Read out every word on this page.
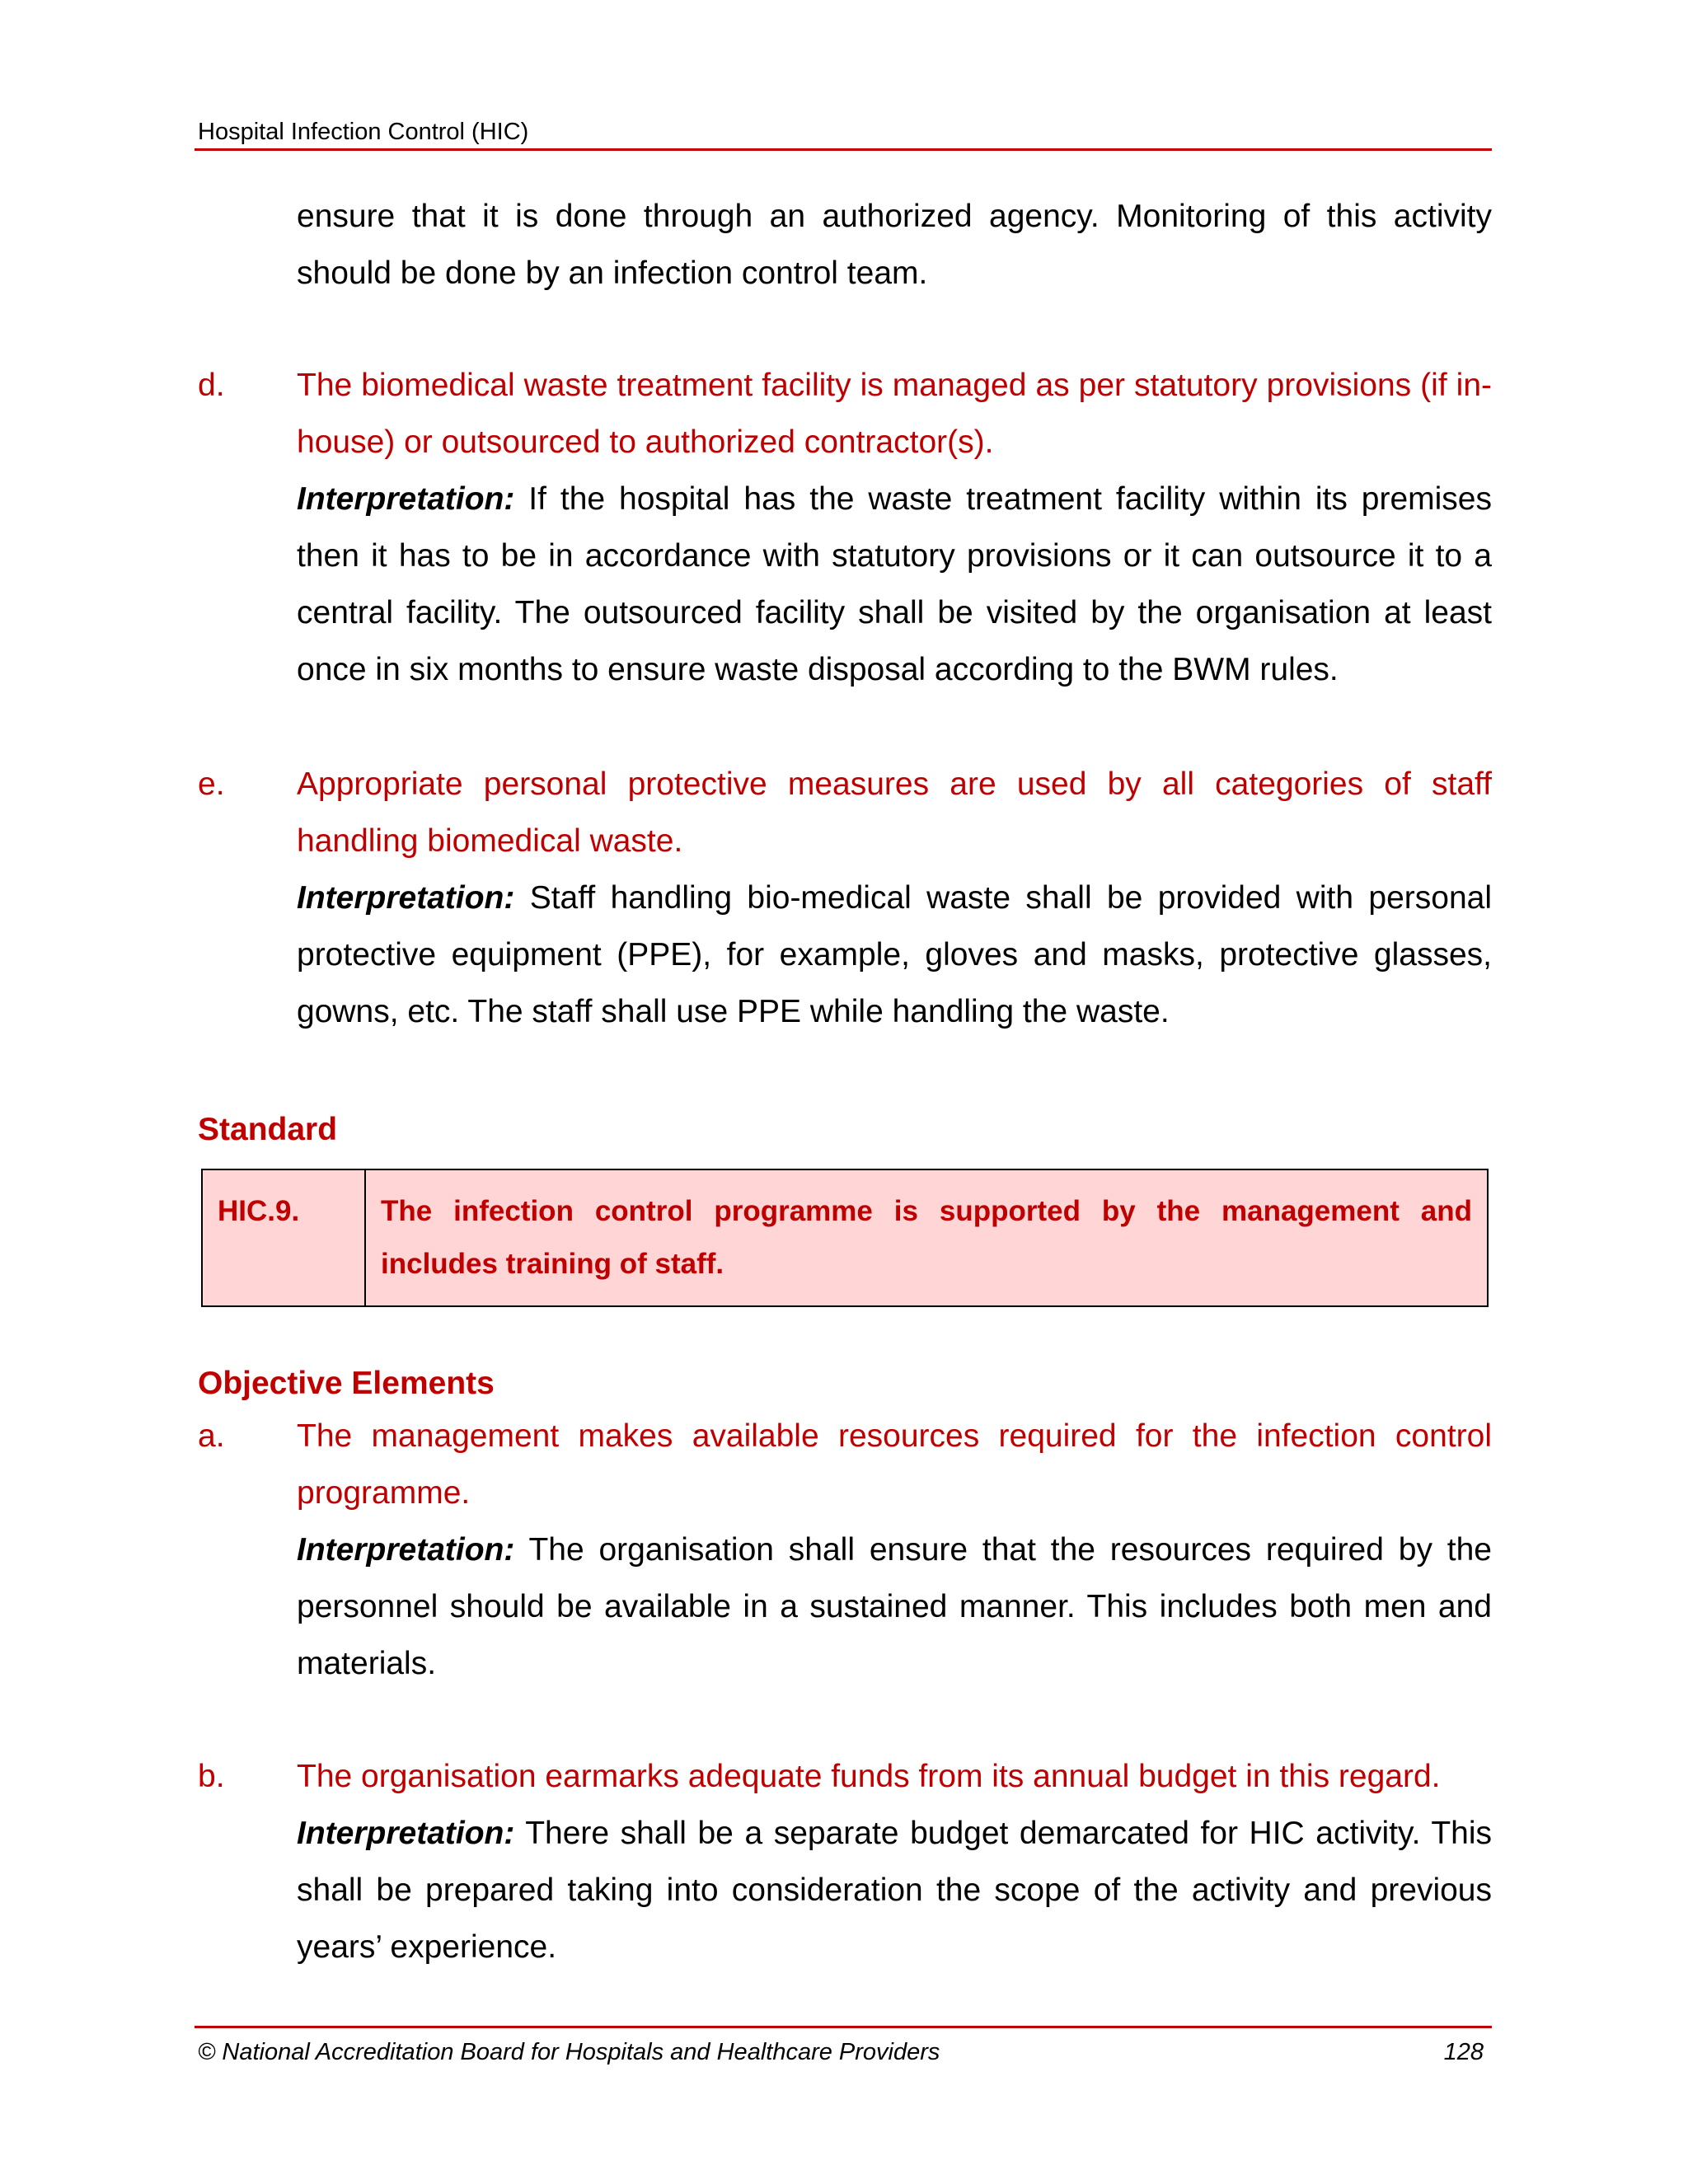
Hospital Infection Control (HIC)
ensure that it is done through an authorized agency. Monitoring of this activity should be done by an infection control team.
d. The biomedical waste treatment facility is managed as per statutory provisions (if in- house) or outsourced to authorized contractor(s).
Interpretation: If the hospital has the waste treatment facility within its premises then it has to be in accordance with statutory provisions or it can outsource it to a central facility. The outsourced facility shall be visited by the organisation at least once in six months to ensure waste disposal according to the BWM rules.
e. Appropriate personal protective measures are used by all categories of staff handling biomedical waste.
Interpretation: Staff handling bio-medical waste shall be provided with personal protective equipment (PPE), for example, gloves and masks, protective glasses, gowns, etc. The staff shall use PPE while handling the waste.
Standard
HIC.9.	The infection control programme is supported by the management and includes training of staff.
Objective Elements
a. The management makes available resources required for the infection control programme.
Interpretation: The organisation shall ensure that the resources required by the personnel should be available in a sustained manner. This includes both men and materials.
b. The organisation earmarks adequate funds from its annual budget in this regard.
Interpretation: There shall be a separate budget demarcated for HIC activity. This shall be prepared taking into consideration the scope of the activity and previous years’ experience.
© National Accreditation Board for Hospitals and Healthcare Providers	128
